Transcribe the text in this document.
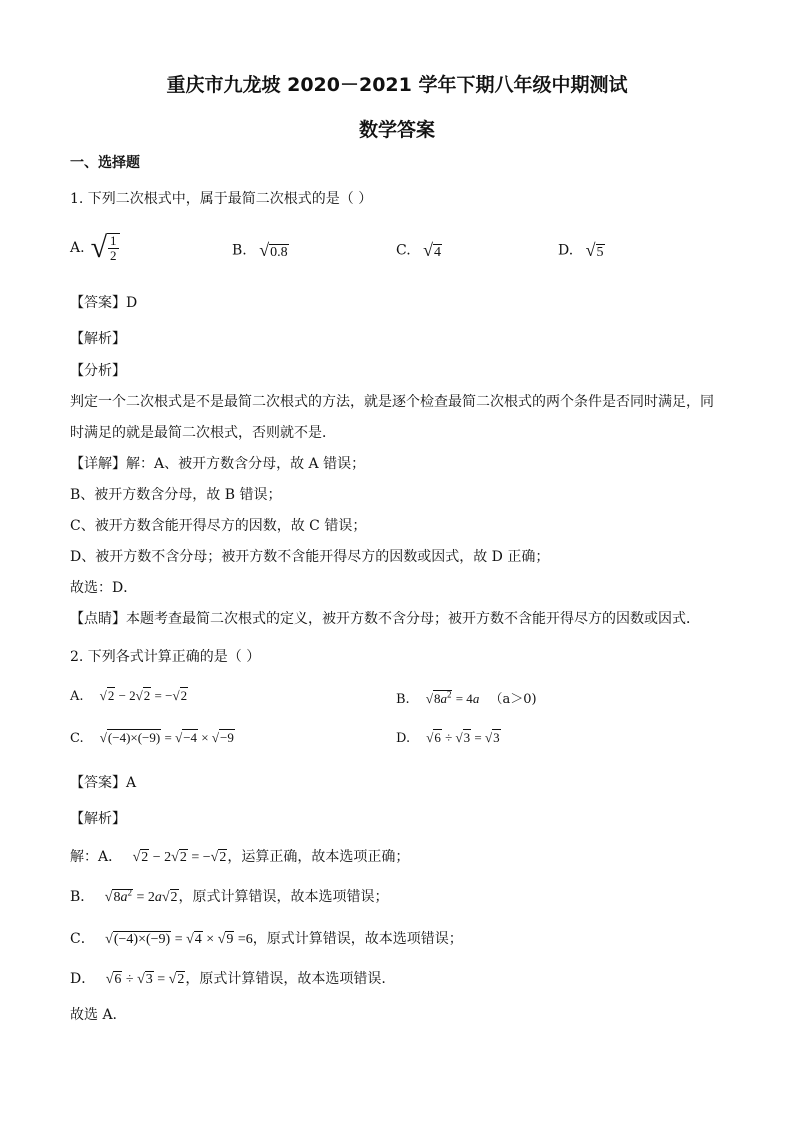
重庆市九龙坡 2020－2021 学年下期八年级中期测试
数学答案
一、选择题
1. 下列二次根式中，属于最简二次根式的是（ ）
A. √ $\frac{1}{2}$	B. √0.8	C. √4	D. √5
【答案】D
【解析】
【分析】
判定一个二次根式是不是最简二次根式的方法，就是逐个检查最简二次根式的两个条件是否同时满足，同
时满足的就是最简二次根式，否则就不是．
【详解】解：A、被开方数含分母，故 A 错误；
B、被开方数含分母，故 B 错误；
C、被开方数含能开得尽方的因数，故 C 错误；
D、被开方数不含分母；被开方数不含能开得尽方的因数或因式，故 D 正确；
故选：D．
【点睛】本题考查最简二次根式的定义，被开方数不含分母；被开方数不含能开得尽方的因数或因式．
2. 下列各式计算正确的是（ ）
A. √2 − 2√2 = −√2	B. $√8a^2 = 4a$ （a＞0)
C. √(−4)×(−9) = √−4 × √−9	D. √6 ÷ √3 = √3
【答案】A
【解析】
解：A． √2 − 2√2 = −√2，运算正确，故本选项正确；
B． $√8a^2 = 2a√2$，原式计算错误，故本选项错误；
C． √(−4)×(−9) = √4 × √9 =6，原式计算错误，故本选项错误；
D． √6 ÷ √3 = √2，原式计算错误，故本选项错误.
故选 A.
